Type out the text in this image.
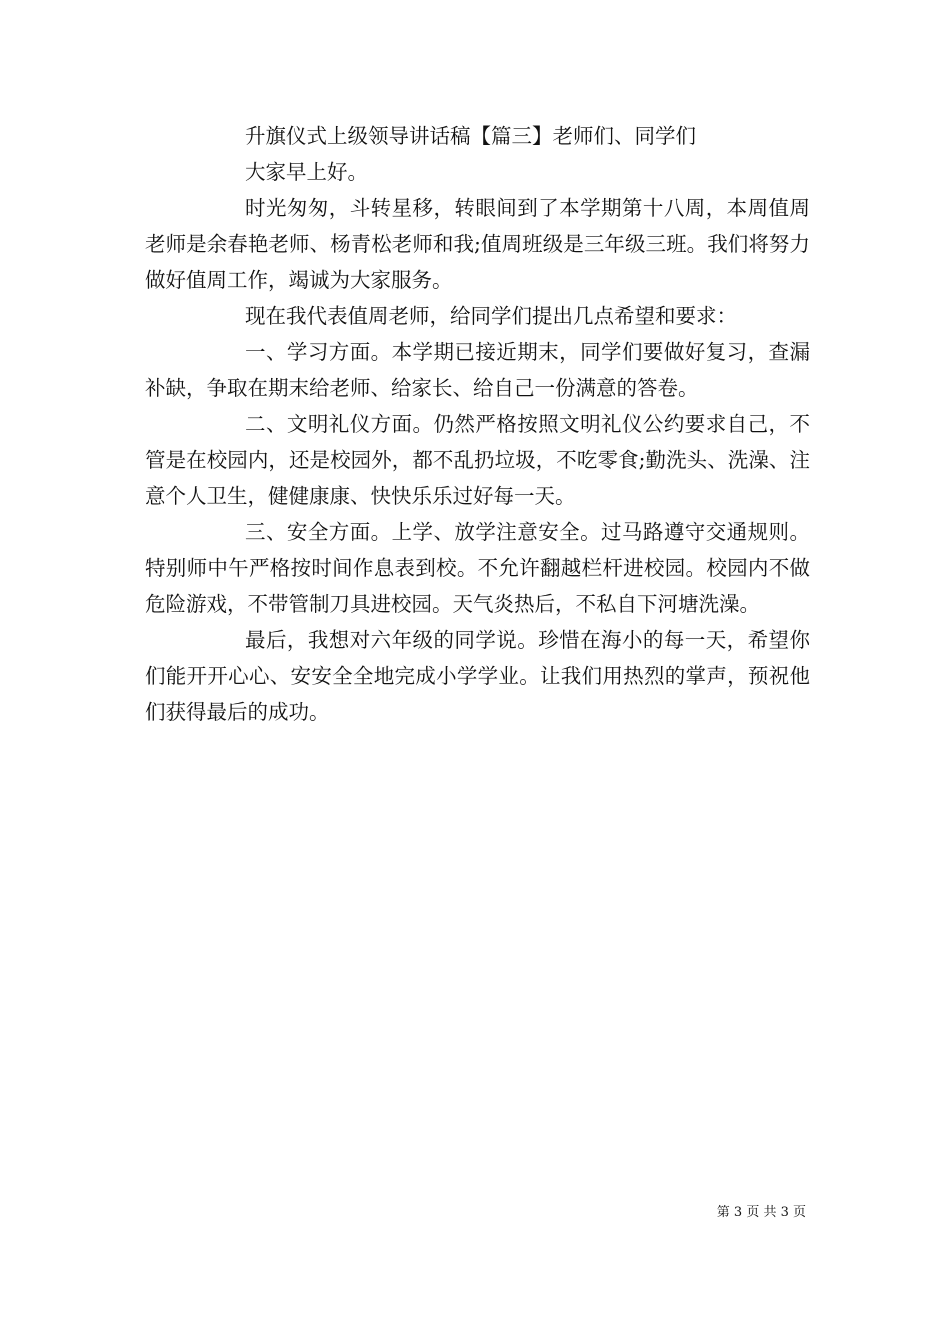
升旗仪式上级领导讲话稿【篇三】老师们、同学们

大家早上好。

时光匆匆，斗转星移，转眼间到了本学期第十八周，本周值周老师是余春艳老师、杨青松老师和我;值周班级是三年级三班。我们将努力做好值周工作，竭诚为大家服务。

现在我代表值周老师，给同学们提出几点希望和要求：

一、学习方面。本学期已接近期末，同学们要做好复习，查漏补缺，争取在期末给老师、给家长、给自己一份满意的答卷。

二、文明礼仪方面。仍然严格按照文明礼仪公约要求自己，不管是在校园内，还是校园外，都不乱扔垃圾，不吃零食;勤洗头、洗澡、注意个人卫生，健健康康、快快乐乐过好每一天。

三、安全方面。上学、放学注意安全。过马路遵守交通规则。特别师中午严格按时间作息表到校。不允许翻越栏杆进校园。校园内不做危险游戏，不带管制刀具进校园。天气炎热后，不私自下河塘洗澡。

最后，我想对六年级的同学说。珍惜在海小的每一天，希望你们能开开心心、安安全全地完成小学学业。让我们用热烈的掌声，预祝他们获得最后的成功。

第 3 页 共 3 页
